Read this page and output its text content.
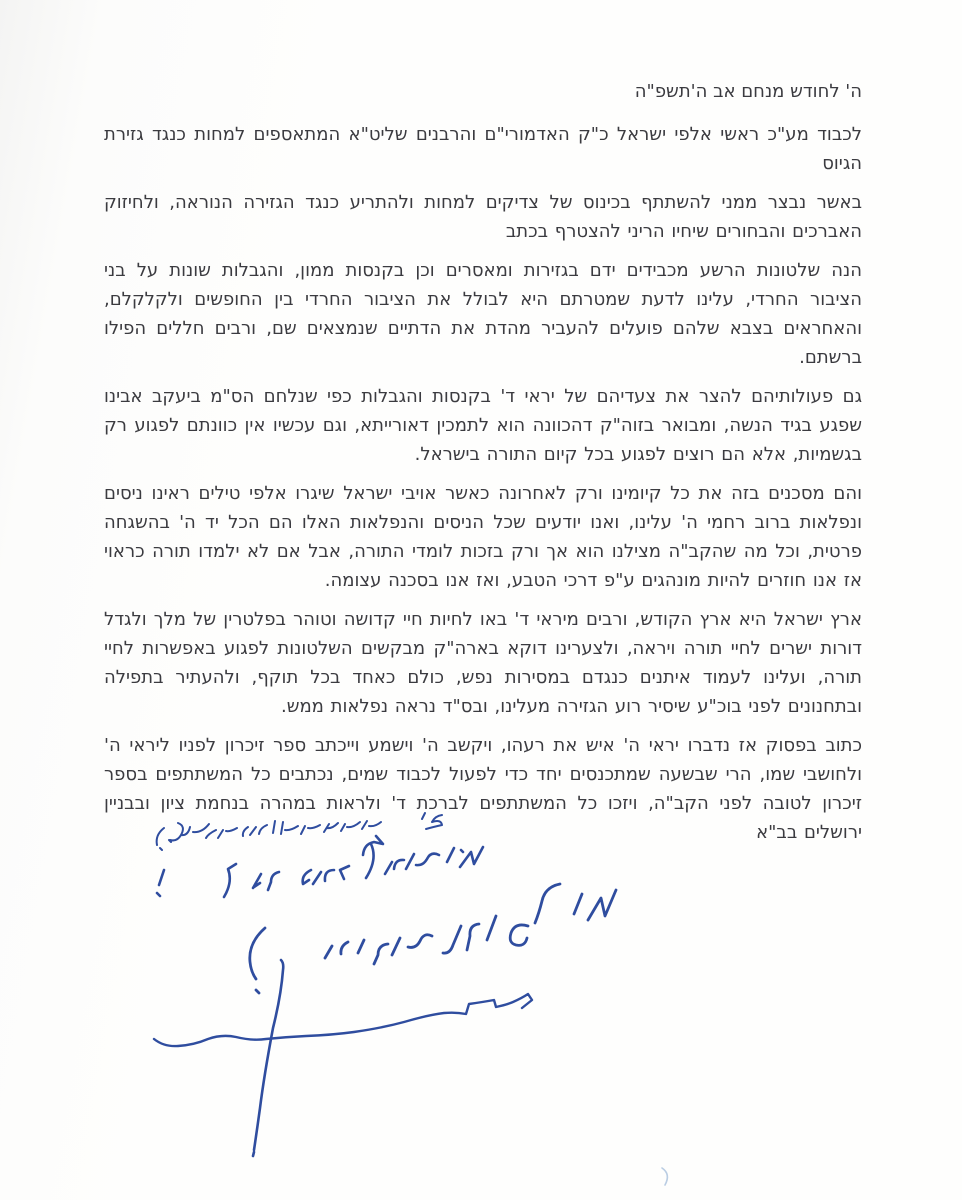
ה' לחודש מנחם אב ה'תשפ"ה

לכבוד מע"כ ראשי אלפי ישראל כ"ק האדמורי"ם והרבנים שליט"א המתאספים למחות כנגד גזירת הגיוס

באשר נבצר ממני להשתתף בכינוס של צדיקים למחות ולהתריע כנגד הגזירה הנוראה, ולחיזוק האברכים והבחורים שיחיו הריני להצטרף בכתב

הנה שלטונות הרשע מכבידים ידם בגזירות ומאסרים וכן בקנסות ממון, והגבלות שונות על בני הציבור החרדי, עלינו לדעת שמטרתם היא לבולל את הציבור החרדי בין החופשים ולקלקלם, והאחראים בצבא שלהם פועלים להעביר מהדת את הדתיים שנמצאים שם, ורבים חללים הפילו ברשתם.

גם פעולותיהם להצר את צעדיהם של יראי ד' בקנסות והגבלות כפי שנלחם הס"מ ביעקב אבינו שפגע בגיד הנשה, ומבואר בזוה"ק דהכוונה הוא לתמכין דאורייתא, וגם עכשיו אין כוונתם לפגוע רק בגשמיות, אלא הם רוצים לפגוע בכל קיום התורה בישראל.

והם מסכנים בזה את כל קיומינו ורק לאחרונה כאשר אויבי ישראל שיגרו אלפי טילים ראינו ניסים ונפלאות ברוב רחמי ה' עלינו, ואנו יודעים שכל הניסים והנפלאות האלו הם הכל יד ה' בהשגחה פרטית, וכל מה שהקב"ה מצילנו הוא אך ורק בזכות לומדי התורה, אבל אם לא ילמדו תורה כראוי אז אנו חוזרים להיות מונהגים ע"פ דרכי הטבע, ואז אנו בסכנה עצומה.

ארץ ישראל היא ארץ הקודש, ורבים מיראי ד' באו לחיות חיי קדושה וטוהר בפלטרין של מלך ולגדל דורות ישרים לחיי תורה ויראה, ולצערינו דוקא בארה"ק מבקשים השלטונות לפגוע באפשרות לחיי תורה, ועלינו לעמוד איתנים כנגדם במסירות נפש, כולם כאחד בכל תוקף, ולהעתיר בתפילה ובתחנונים לפני בוכ"ע שיסיר רוע הגזירה מעלינו, ובס"ד נראה נפלאות ממש.

כתוב בפסוק אז נדברו יראי ה' איש את רעהו, ויקשב ה' וישמע וייכתב ספר זיכרון לפניו ליראי ה' ולחושבי שמו, הרי שבשעה שמתכנסים יחד כדי לפעול לכבוד שמים, נכתבים כל המשתתפים בספר זיכרון לטובה לפני הקב"ה, ויזכו כל המשתתפים לברכת ד' ולראות במהרה בנחמת ציון ובבניין ירושלים בב"א
